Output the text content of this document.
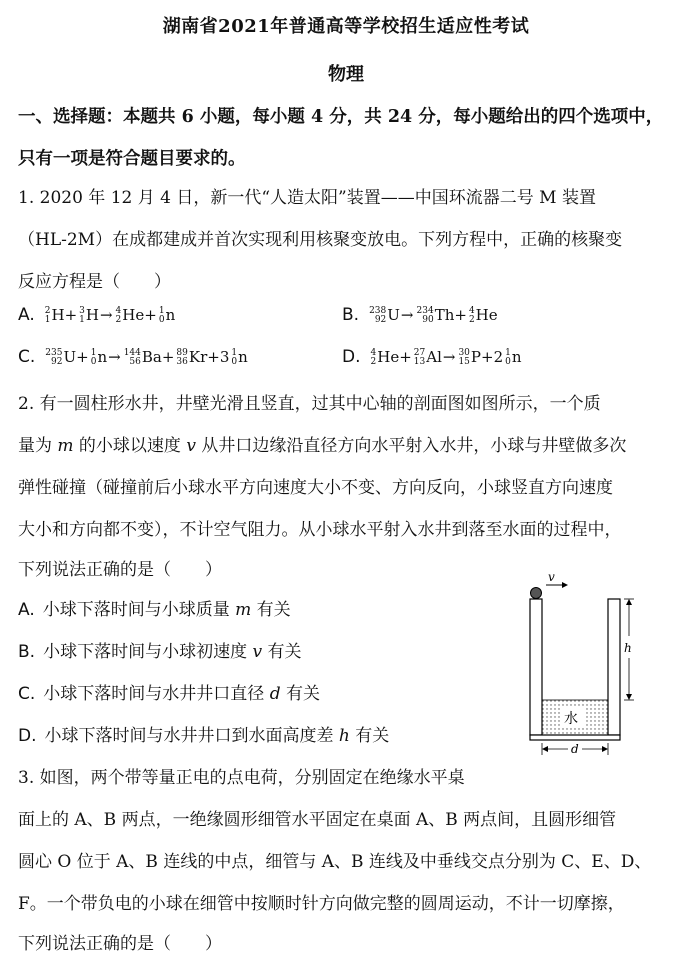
湖南省2021年普通高等学校招生适应性考试
物理
一、选择题：本题共 6 小题，每小题 4 分，共 24 分，每小题给出的四个选项中，
只有一项是符合题目要求的。
1. 2020 年 12 月 4 日，新一代“人造太阳”装置——中国环流器二号 M 装置
（HL-2M）在成都建成并首次实现利用核聚变放电。下列方程中，正确的核聚变
反应方程是（　　）
A. 2
1 H+ 3
1 H→ 4
2 He+ 1
0 n	B. 238
92 U→ 234
90 Th+ 4
2 He
C. 235
92 U+ 1
0 n→ 144
56 Ba+ 89
36 Kr+3 1
0 n	D. 4
2 He+ 27
13 Al→ 30
15 P+2 1
0 n
2. 有一圆柱形水井，井壁光滑且竖直，过其中心轴的剖面图如图所示，一个质
量为 m 的小球以速度 v 从井口边缘沿直径方向水平射入水井，小球与井壁做多次
弹性碰撞（碰撞前后小球水平方向速度大小不变、方向反向，小球竖直方向速度
大小和方向都不变），不计空气阻力。从小球水平射入水井到落至水面的过程中，
下列说法正确的是（　　）
A. 小球下落时间与小球质量 m 有关
B. 小球下落时间与小球初速度 v 有关
C. 小球下落时间与水井井口直径 d 有关
D. 小球下落时间与水井井口到水面高度差 h 有关
v
水
h
d
3. 如图，两个带等量正电的点电荷，分别固定在绝缘水平桌
面上的 A、B 两点，一绝缘圆形细管水平固定在桌面 A、B 两点间，且圆形细管
圆心 O 位于 A、B 连线的中点，细管与 A、B 连线及中垂线交点分别为 C、E、D、
F。一个带负电的小球在细管中按顺时针方向做完整的圆周运动，不计一切摩擦，
下列说法正确的是（　　）
